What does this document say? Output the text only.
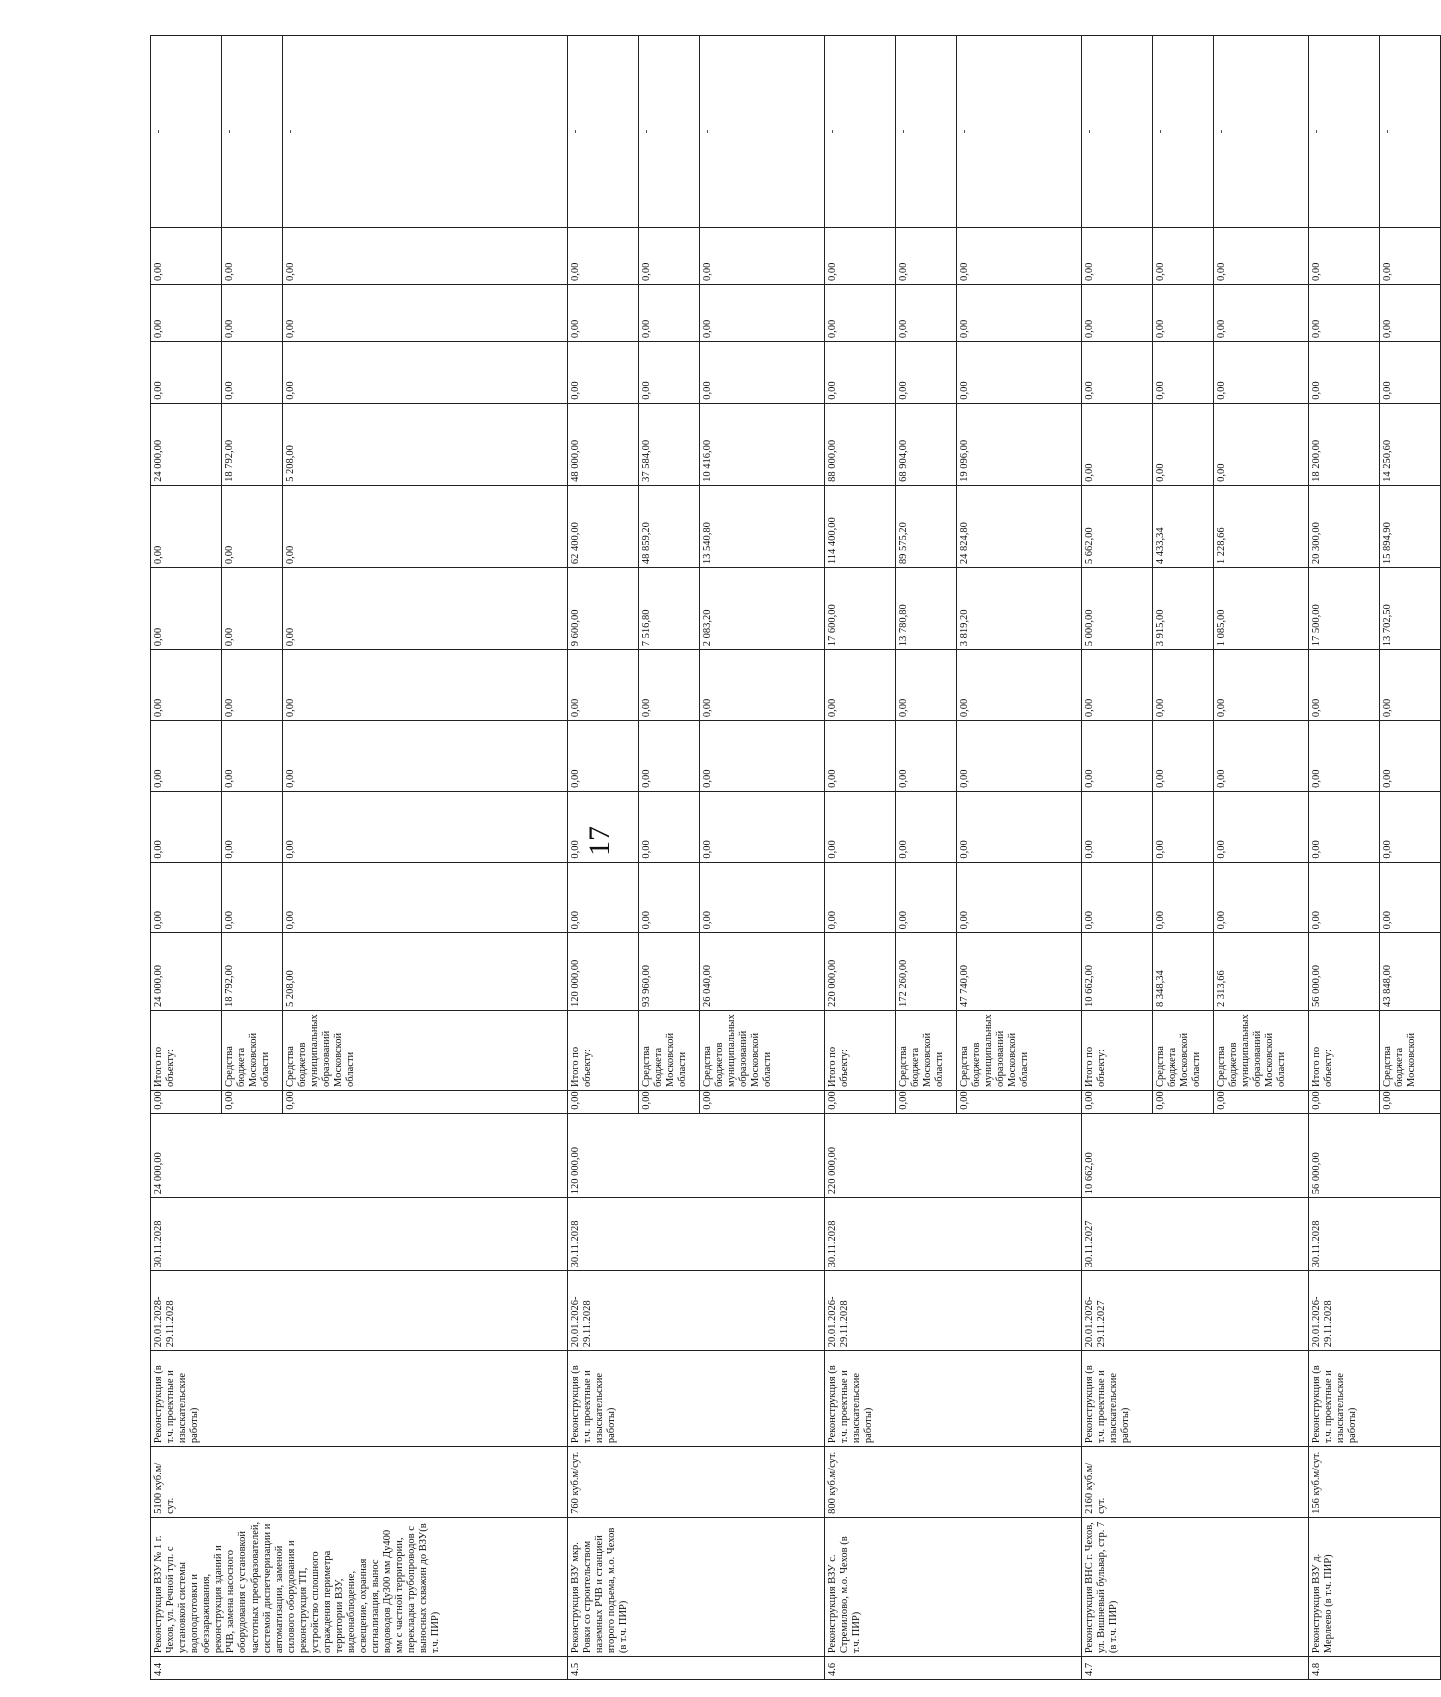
17
4.4	Реконструкция ВЗУ № 1 г. Чехов, ул. Речной туп. с установкой системы водоподготовки и обеззараживания, реконструкция зданий и РЧВ, замена насосного оборудования с установкой частотных преобразователей, системой диспетчеризации и автоматизации, заменой силового оборудования и реконструкция ТП, устройство сплошного ограждения периметра территории ВЗУ, видеонаблюдение, освещение, охранная сигнализация, вынос водоводов Ду300 мм Ду400 мм с частной территории, перекладка трубопроводов с выносных скважин до ВЗУ(в т.ч. ПИР)	5100 куб.м/сут.	Реконструкция (в т.ч. проектные и изыскательские работы)	20.01.2028-29.11.2028	30.11.2028	24 000,00	0,00	Итого по объекту:	24 000,00	0,00	0,00	0,00	0,00	0,00	0,00	24 000,00	0,00	0,00	0,00	-
							0,00	Средства бюджета Московской области	18 792,00	0,00	0,00	0,00	0,00	0,00	0,00	18 792,00	0,00	0,00	0,00	-
							0,00	Средства бюджетов муниципальных образований Московской области	5 208,00	0,00	0,00	0,00	0,00	0,00	0,00	5 208,00	0,00	0,00	0,00	-
4.5	Реконструкция ВЗУ мкр. Ровки со строительством наземных РЧВ и станцией второго подъема, м.о. Чехов (в т.ч. ПИР)	760 куб.м/сут.	Реконструкция (в т.ч. проектные и изыскательские работы)	20.01.2026-29.11.2028	30.11.2028	120 000,00	0,00	Итого по объекту:	120 000,00	0,00	0,00	0,00	0,00	9 600,00	62 400,00	48 000,00	0,00	0,00	0,00	-
							0,00	Средства бюджета Московской области	93 960,00	0,00	0,00	0,00	0,00	7 516,80	48 859,20	37 584,00	0,00	0,00	0,00	-
							0,00	Средства бюджетов муниципальных образований Московской области	26 040,00	0,00	0,00	0,00	0,00	2 083,20	13 540,80	10 416,00	0,00	0,00	0,00	-
4.6	Реконструкция ВЗУ с. Стремилово, м.о. Чехов (в т.ч. ПИР)	800 куб.м/сут.	Реконструкция (в т.ч. проектные и изыскательские работы)	20.01.2026-29.11.2028	30.11.2028	220 000,00	0,00	Итого по объекту:	220 000,00	0,00	0,00	0,00	0,00	17 600,00	114 400,00	88 000,00	0,00	0,00	0,00	-
							0,00	Средства бюджета Московской области	172 260,00	0,00	0,00	0,00	0,00	13 780,80	89 575,20	68 904,00	0,00	0,00	0,00	-
							0,00	Средства бюджетов муниципальных образований Московской области	47 740,00	0,00	0,00	0,00	0,00	3 819,20	24 824,80	19 096,00	0,00	0,00	0,00	-
4.7	Реконструкция ВНС г. Чехов, ул. Вишневый бульвар, стр. 7 (в т.ч. ПИР)	2160 куб.м/сут.	Реконструкция (в т.ч. проектные и изыскательские работы)	20.01.2026-29.11.2027	30.11.2027	10 662,00	0,00	Итого по объекту:	10 662,00	0,00	0,00	0,00	0,00	5 000,00	5 662,00	0,00	0,00	0,00	0,00	-
							0,00	Средства бюджета Московской области	8 348,34	0,00	0,00	0,00	0,00	3 915,00	4 433,34	0,00	0,00	0,00	0,00	-
							0,00	Средства бюджетов муниципальных образований Московской области	2 313,66	0,00	0,00	0,00	0,00	1 085,00	1 228,66	0,00	0,00	0,00	0,00	-
4.8	Реконструкция ВЗУ д. Мерлеево (в т.ч. ПИР)	156 куб.м/сут.	Реконструкция (в т.ч. проектные и изыскательские работы)	20.01.2026-29.11.2028	30.11.2028	56 000,00	0,00	Итого по объекту:	56 000,00	0,00	0,00	0,00	0,00	17 500,00	20 300,00	18 200,00	0,00	0,00	0,00	-
							0,00	Средства бюджета Московской	43 848,00	0,00	0,00	0,00	0,00	13 702,50	15 894,90	14 250,60	0,00	0,00	0,00	-
